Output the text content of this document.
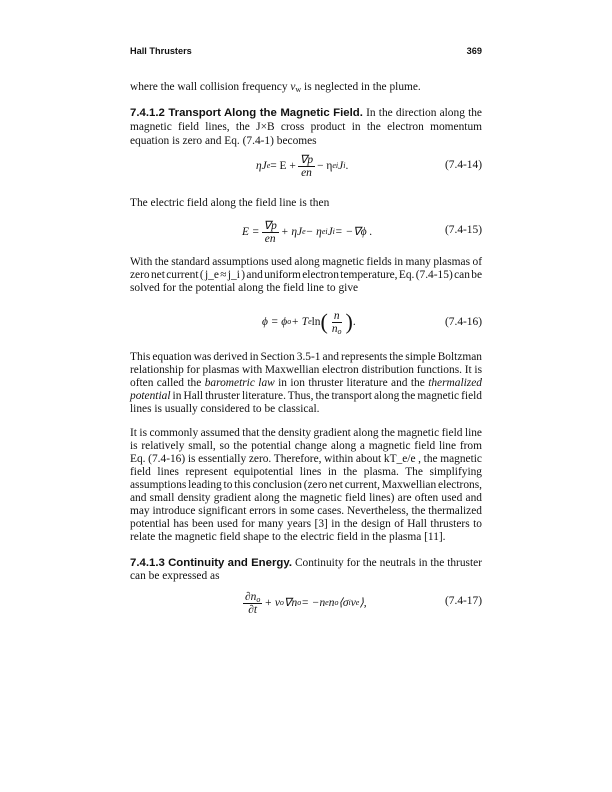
Hall Thrusters	369
where the wall collision frequency $\nu_w$ is neglected in the plume.
7.4.1.2 Transport Along the Magnetic Field. In the direction along the
magnetic field lines, the J×B cross product in the electron momentum
equation is zero and Eq. (7.4-1) becomes
ηJ $e = E + \frac{\nabla p}{en} - \eta$ ei J i .	(7.4-14)
The electric field along the field line is then
$E = \frac{\nabla p}{en} + \eta J$ e − η ei J i = −∇ϕ .	(7.4-15)
With the standard assumptions used along magnetic fields in many plasmas of
zero net current ( j_e ≈ j_i ) and uniform electron temperature, Eq. (7.4-15) can be
solved for the potential along the field line to give
ϕ = ϕ o + T e ln ( $\frac{n}{n_o}$ ) .	(7.4-16)
This equation was derived in Section 3.5-1 and represents the simple Boltzman
relationship for plasmas with Maxwellian electron distribution functions. It is
often called the barometric law in ion thruster literature and the thermalized
potential in Hall thruster literature. Thus, the transport along the magnetic field
lines is usually considered to be classical.
It is commonly assumed that the density gradient along the magnetic field line
is relatively small, so the potential change along a magnetic field line from
Eq. (7.4-16) is essentially zero. Therefore, within about kT_e/e , the magnetic
field lines represent equipotential lines in the plasma. The simplifying
assumptions leading to this conclusion (zero net current, Maxwellian electrons,
and small density gradient along the magnetic field lines) are often used and
may introduce significant errors in some cases. Nevertheless, the thermalized
potential has been used for many years [3] in the design of Hall thrusters to
relate the magnetic field shape to the electric field in the plasma [11].
7.4.1.3 Continuity and Energy. Continuity for the neutrals in the thruster
can be expressed as
$\frac{\partial n_o}{\partial t} + v$ o ∇n o = −n e n o ⟨σ i v e ⟩,	(7.4-17)
